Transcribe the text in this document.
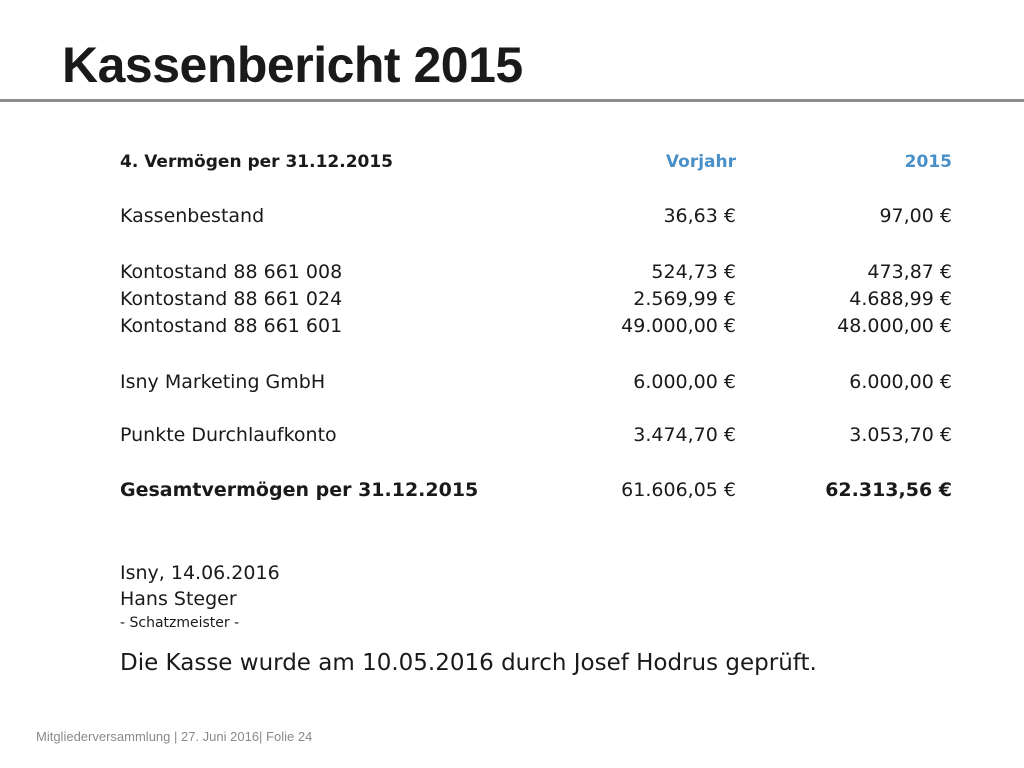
Kassenbericht 2015
4. Vermögen per 31.12.2015	Vorjahr	2015
Kassenbestand	36,63 €	97,00 €
Kontostand 88 661 008	524,73 €	473,87 €
Kontostand 88 661 024	2.569,99 €	4.688,99 €
Kontostand 88 661 601	49.000,00 €	48.000,00 €
Isny Marketing GmbH	6.000,00 €	6.000,00 €
Punkte Durchlaufkonto	3.474,70 €	3.053,70 €
Gesamtvermögen per 31.12.2015	61.606,05 €	62.313,56 €
Isny, 14.06.2016
Hans Steger
- Schatzmeister -
Die Kasse wurde am 10.05.2016 durch Josef Hodrus geprüft.
Mitgliederversammlung | 27. Juni 2016| Folie 24
